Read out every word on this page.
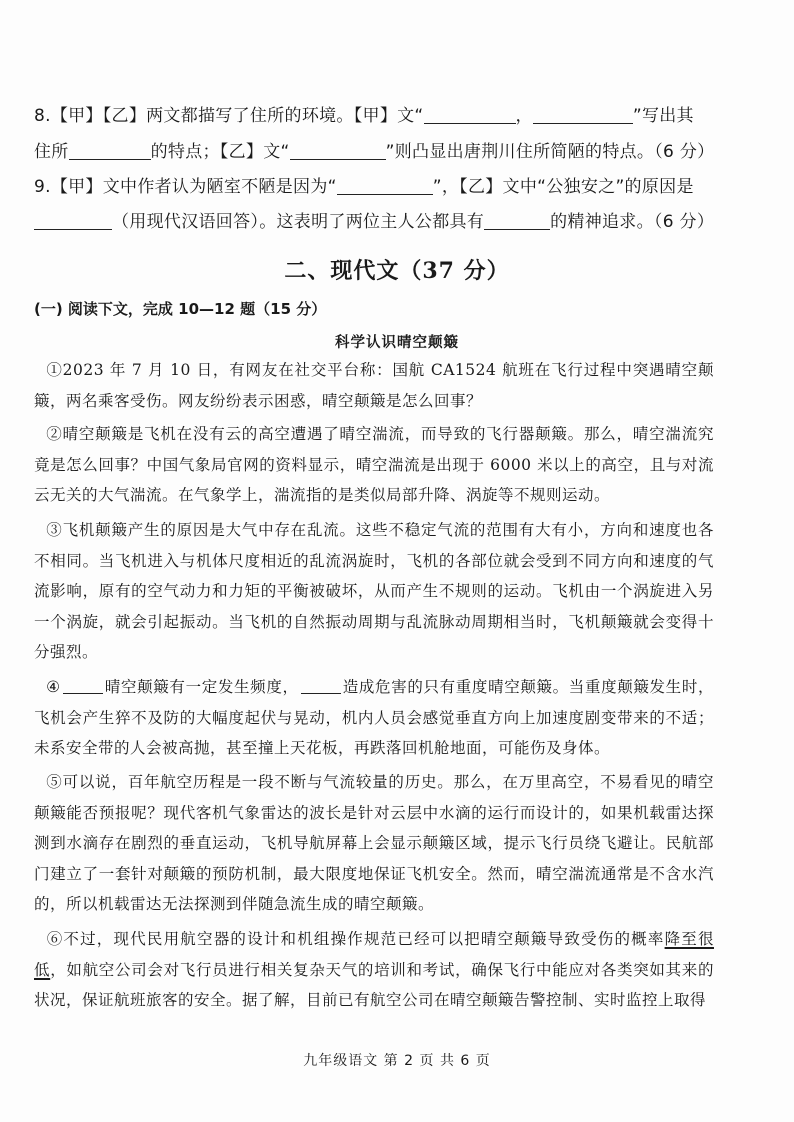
8.【甲】【乙】两文都描写了住所的环境。【甲】文“	，	”写出其
住所	的特点；【乙】文“	”则凸显出唐荆川住所简陋的特点。（6 分）
9.【甲】文中作者认为陋室不陋是因为“	”，【乙】文中“公独安之”的原因是
（用现代汉语回答）。这表明了两位主人公都具有	的精神追求。（6 分）
二、现代文（37 分）
(一) 阅读下文，完成 10—12 题（15 分）
科学认识晴空颠簸
①2023 年 7 月 10 日，有网友在社交平台称：国航 CA1524 航班在飞行过程中突遇晴空颠簸，两名乘客受伤。网友纷纷表示困惑，晴空颠簸是怎么回事？
②晴空颠簸是飞机在没有云的高空遭遇了晴空湍流，而导致的飞行器颠簸。那么，晴空湍流究竟是怎么回事？中国气象局官网的资料显示，晴空湍流是出现于 6000 米以上的高空，且与对流云无关的大气湍流。在气象学上，湍流指的是类似局部升降、涡旋等不规则运动。
③飞机颠簸产生的原因是大气中存在乱流。这些不稳定气流的范围有大有小，方向和速度也各不相同。当飞机进入与机体尺度相近的乱流涡旋时，飞机的各部位就会受到不同方向和速度的气流影响，原有的空气动力和力矩的平衡被破坏，从而产生不规则的运动。飞机由一个涡旋进入另一个涡旋，就会引起振动。当飞机的自然振动周期与乱流脉动周期相当时，飞机颠簸就会变得十分强烈。
④	晴空颠簸有一定发生频度，	造成危害的只有重度晴空颠簸。当重度颠簸发生时，飞机会产生猝不及防的大幅度起伏与晃动，机内人员会感觉垂直方向上加速度剧变带来的不适；未系安全带的人会被高抛，甚至撞上天花板，再跌落回机舱地面，可能伤及身体。
⑤可以说，百年航空历程是一段不断与气流较量的历史。那么，在万里高空，不易看见的晴空颠簸能否预报呢？现代客机气象雷达的波长是针对云层中水滴的运行而设计的，如果机载雷达探测到水滴存在剧烈的垂直运动，飞机导航屏幕上会显示颠簸区域，提示飞行员绕飞避让。民航部门建立了一套针对颠簸的预防机制，最大限度地保证飞机安全。然而，晴空湍流通常是不含水汽的，所以机载雷达无法探测到伴随急流生成的晴空颠簸。
⑥不过，现代民用航空器的设计和机组操作规范已经可以把晴空颠簸导致受伤的概率降至很低，如航空公司会对飞行员进行相关复杂天气的培训和考试，确保飞行中能应对各类突如其来的状况，保证航班旅客的安全。据了解，目前已有航空公司在晴空颠簸告警控制、实时监控上取得
九年级语文 第 2 页 共 6 页
